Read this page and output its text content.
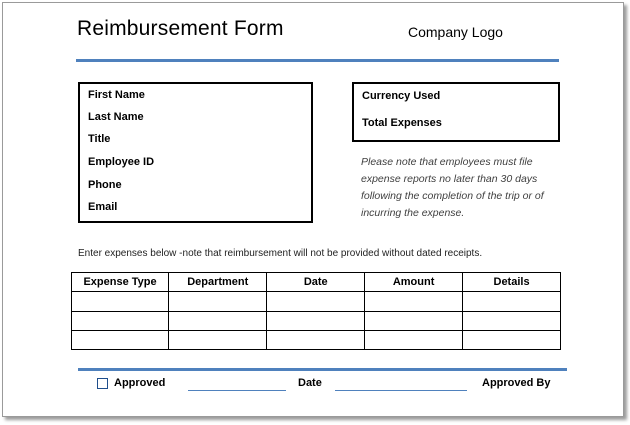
Reimbursement Form	Company Logo
First Name
Last Name
Title
Employee ID
Phone
Email
Currency Used
Total Expenses
Please note that employees must file expense reports no later than 30 days following the completion of the trip or of incurring the expense.
Enter expenses below -note that reimbursement will not be provided without dated receipts.
Expense Type	Department	Date	Amount	Details

Approved	Date	Approved By
